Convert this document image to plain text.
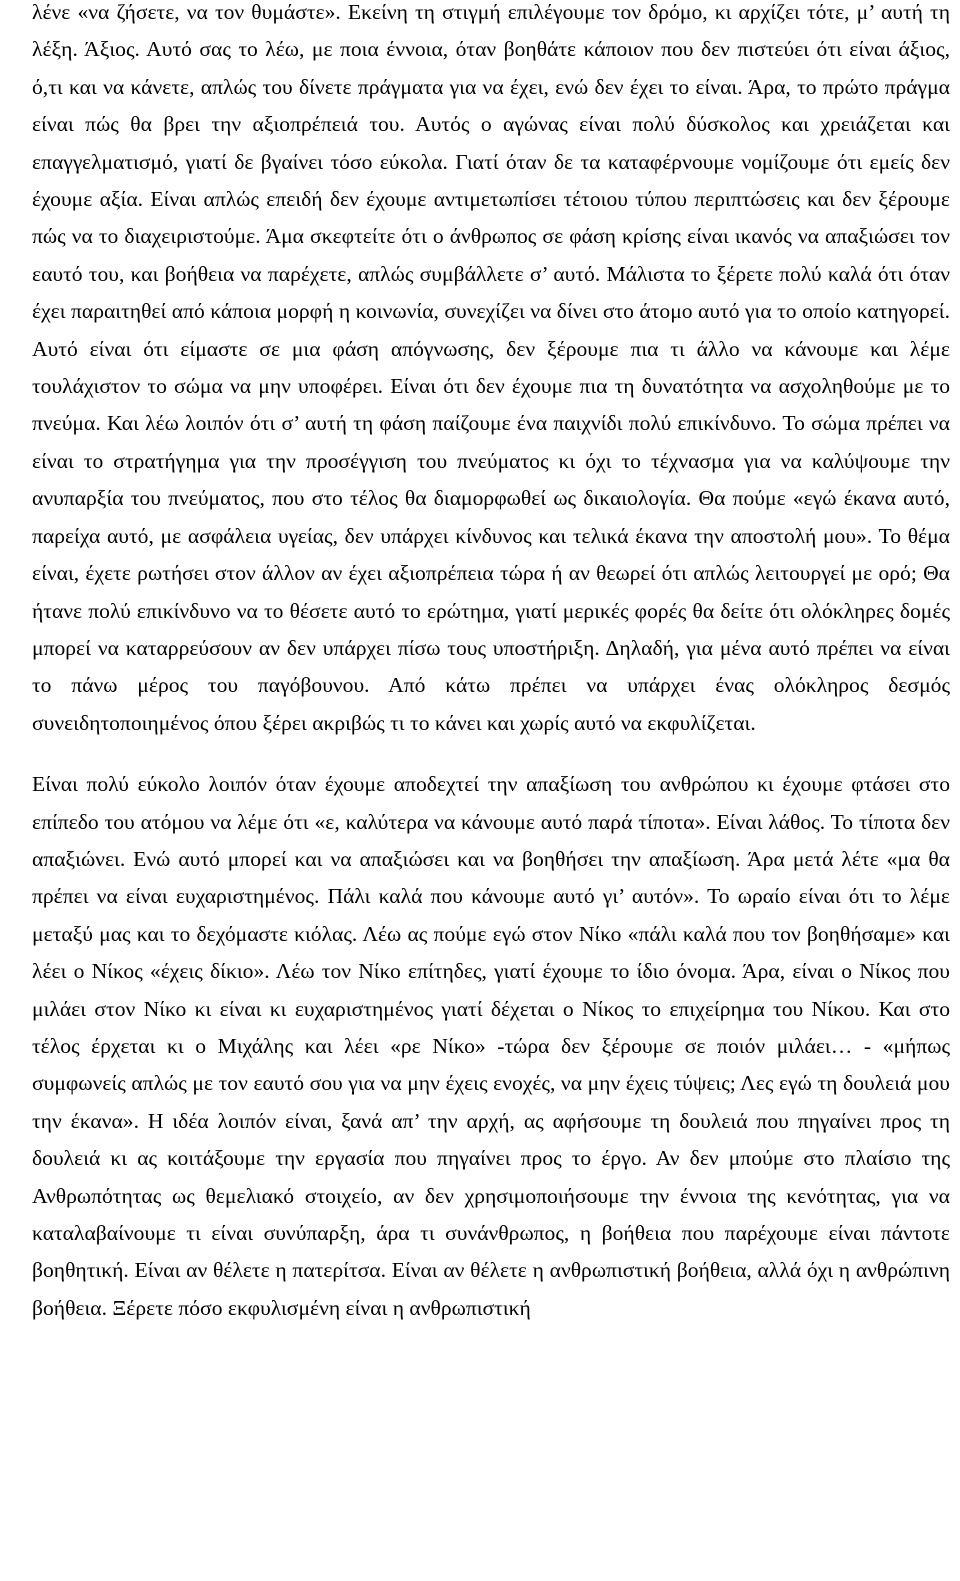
λένε «να ζήσετε, να τον θυμάστε». Εκείνη τη στιγμή επιλέγουμε τον δρόμο, κι αρχίζει τότε, μ’ αυτή τη λέξη. Άξιος. Αυτό σας το λέω, με ποια έννοια, όταν βοηθάτε κάποιον που δεν πιστεύει ότι είναι άξιος, ό,τι και να κάνετε, απλώς του δίνετε πράγματα για να έχει, ενώ δεν έχει το είναι. Άρα, το πρώτο πράγμα είναι πώς θα βρει την αξιοπρέπειά του. Αυτός ο αγώνας είναι πολύ δύσκολος και χρειάζεται και επαγγελματισμό, γιατί δε βγαίνει τόσο εύκολα. Γιατί όταν δε τα καταφέρνουμε νομίζουμε ότι εμείς δεν έχουμε αξία. Είναι απλώς επειδή δεν έχουμε αντιμετωπίσει τέτοιου τύπου περιπτώσεις και δεν ξέρουμε πώς να το διαχειριστούμε. Άμα σκεφτείτε ότι ο άνθρωπος σε φάση κρίσης είναι ικανός να απαξιώσει τον εαυτό του, και βοήθεια να παρέχετε, απλώς συμβάλλετε σ’ αυτό. Μάλιστα το ξέρετε πολύ καλά ότι όταν έχει παραιτηθεί από κάποια μορφή η κοινωνία, συνεχίζει να δίνει στο άτομο αυτό για το οποίο κατηγορεί. Αυτό είναι ότι είμαστε σε μια φάση απόγνωσης, δεν ξέρουμε πια τι άλλο να κάνουμε και λέμε τουλάχιστον το σώμα να μην υποφέρει. Είναι ότι δεν έχουμε πια τη δυνατότητα να ασχοληθούμε με το πνεύμα. Και λέω λοιπόν ότι σ’ αυτή τη φάση παίζουμε ένα παιχνίδι πολύ επικίνδυνο. Το σώμα πρέπει να είναι το στρατήγημα για την προσέγγιση του πνεύματος κι όχι το τέχνασμα για να καλύψουμε την ανυπαρξία του πνεύματος, που στο τέλος θα διαμορφωθεί ως δικαιολογία. Θα πούμε «εγώ έκανα αυτό, παρείχα αυτό, με ασφάλεια υγείας, δεν υπάρχει κίνδυνος και τελικά έκανα την αποστολή μου». Το θέμα είναι, έχετε ρωτήσει στον άλλον αν έχει αξιοπρέπεια τώρα ή αν θεωρεί ότι απλώς λειτουργεί με ορό; Θα ήτανε πολύ επικίνδυνο να το θέσετε αυτό το ερώτημα, γιατί μερικές φορές θα δείτε ότι ολόκληρες δομές μπορεί να καταρρεύσουν αν δεν υπάρχει πίσω τους υποστήριξη. Δηλαδή, για μένα αυτό πρέπει να είναι το πάνω μέρος του παγόβουνου. Από κάτω πρέπει να υπάρχει ένας ολόκληρος δεσμός συνειδητοποιημένος όπου ξέρει ακριβώς τι το κάνει και χωρίς αυτό να εκφυλίζεται.

Είναι πολύ εύκολο λοιπόν όταν έχουμε αποδεχτεί την απαξίωση του ανθρώπου κι έχουμε φτάσει στο επίπεδο του ατόμου να λέμε ότι «ε, καλύτερα να κάνουμε αυτό παρά τίποτα». Είναι λάθος. Το τίποτα δεν απαξιώνει. Ενώ αυτό μπορεί και να απαξιώσει και να βοηθήσει την απαξίωση. Άρα μετά λέτε «μα θα πρέπει να είναι ευχαριστημένος. Πάλι καλά που κάνουμε αυτό γι’ αυτόν». Το ωραίο είναι ότι το λέμε μεταξύ μας και το δεχόμαστε κιόλας. Λέω ας πούμε εγώ στον Νίκο «πάλι καλά που τον βοηθήσαμε» και λέει ο Νίκος «έχεις δίκιο». Λέω τον Νίκο επίτηδες, γιατί έχουμε το ίδιο όνομα. Άρα, είναι ο Νίκος που μιλάει στον Νίκο κι είναι κι ευχαριστημένος γιατί δέχεται ο Νίκος το επιχείρημα του Νίκου. Και στο τέλος έρχεται κι ο Μιχάλης και λέει «ρε Νίκο» -τώρα δεν ξέρουμε σε ποιόν μιλάει… - «μήπως συμφωνείς απλώς με τον εαυτό σου για να μην έχεις ενοχές, να μην έχεις τύψεις; Λες εγώ τη δουλειά μου την έκανα». Η ιδέα λοιπόν είναι, ξανά απ’ την αρχή, ας αφήσουμε τη δουλειά που πηγαίνει προς τη δουλειά κι ας κοιτάξουμε την εργασία που πηγαίνει προς το έργο. Αν δεν μπούμε στο πλαίσιο της Ανθρωπότητας ως θεμελιακό στοιχείο, αν δεν χρησιμοποιήσουμε την έννοια της κενότητας, για να καταλαβαίνουμε τι είναι συνύπαρξη, άρα τι συνάνθρωπος, η βοήθεια που παρέχουμε είναι πάντοτε βοηθητική. Είναι αν θέλετε η πατερίτσα. Είναι αν θέλετε η ανθρωπιστική βοήθεια, αλλά όχι η ανθρώπινη βοήθεια. Ξέρετε πόσο εκφυλισμένη είναι η ανθρωπιστική
